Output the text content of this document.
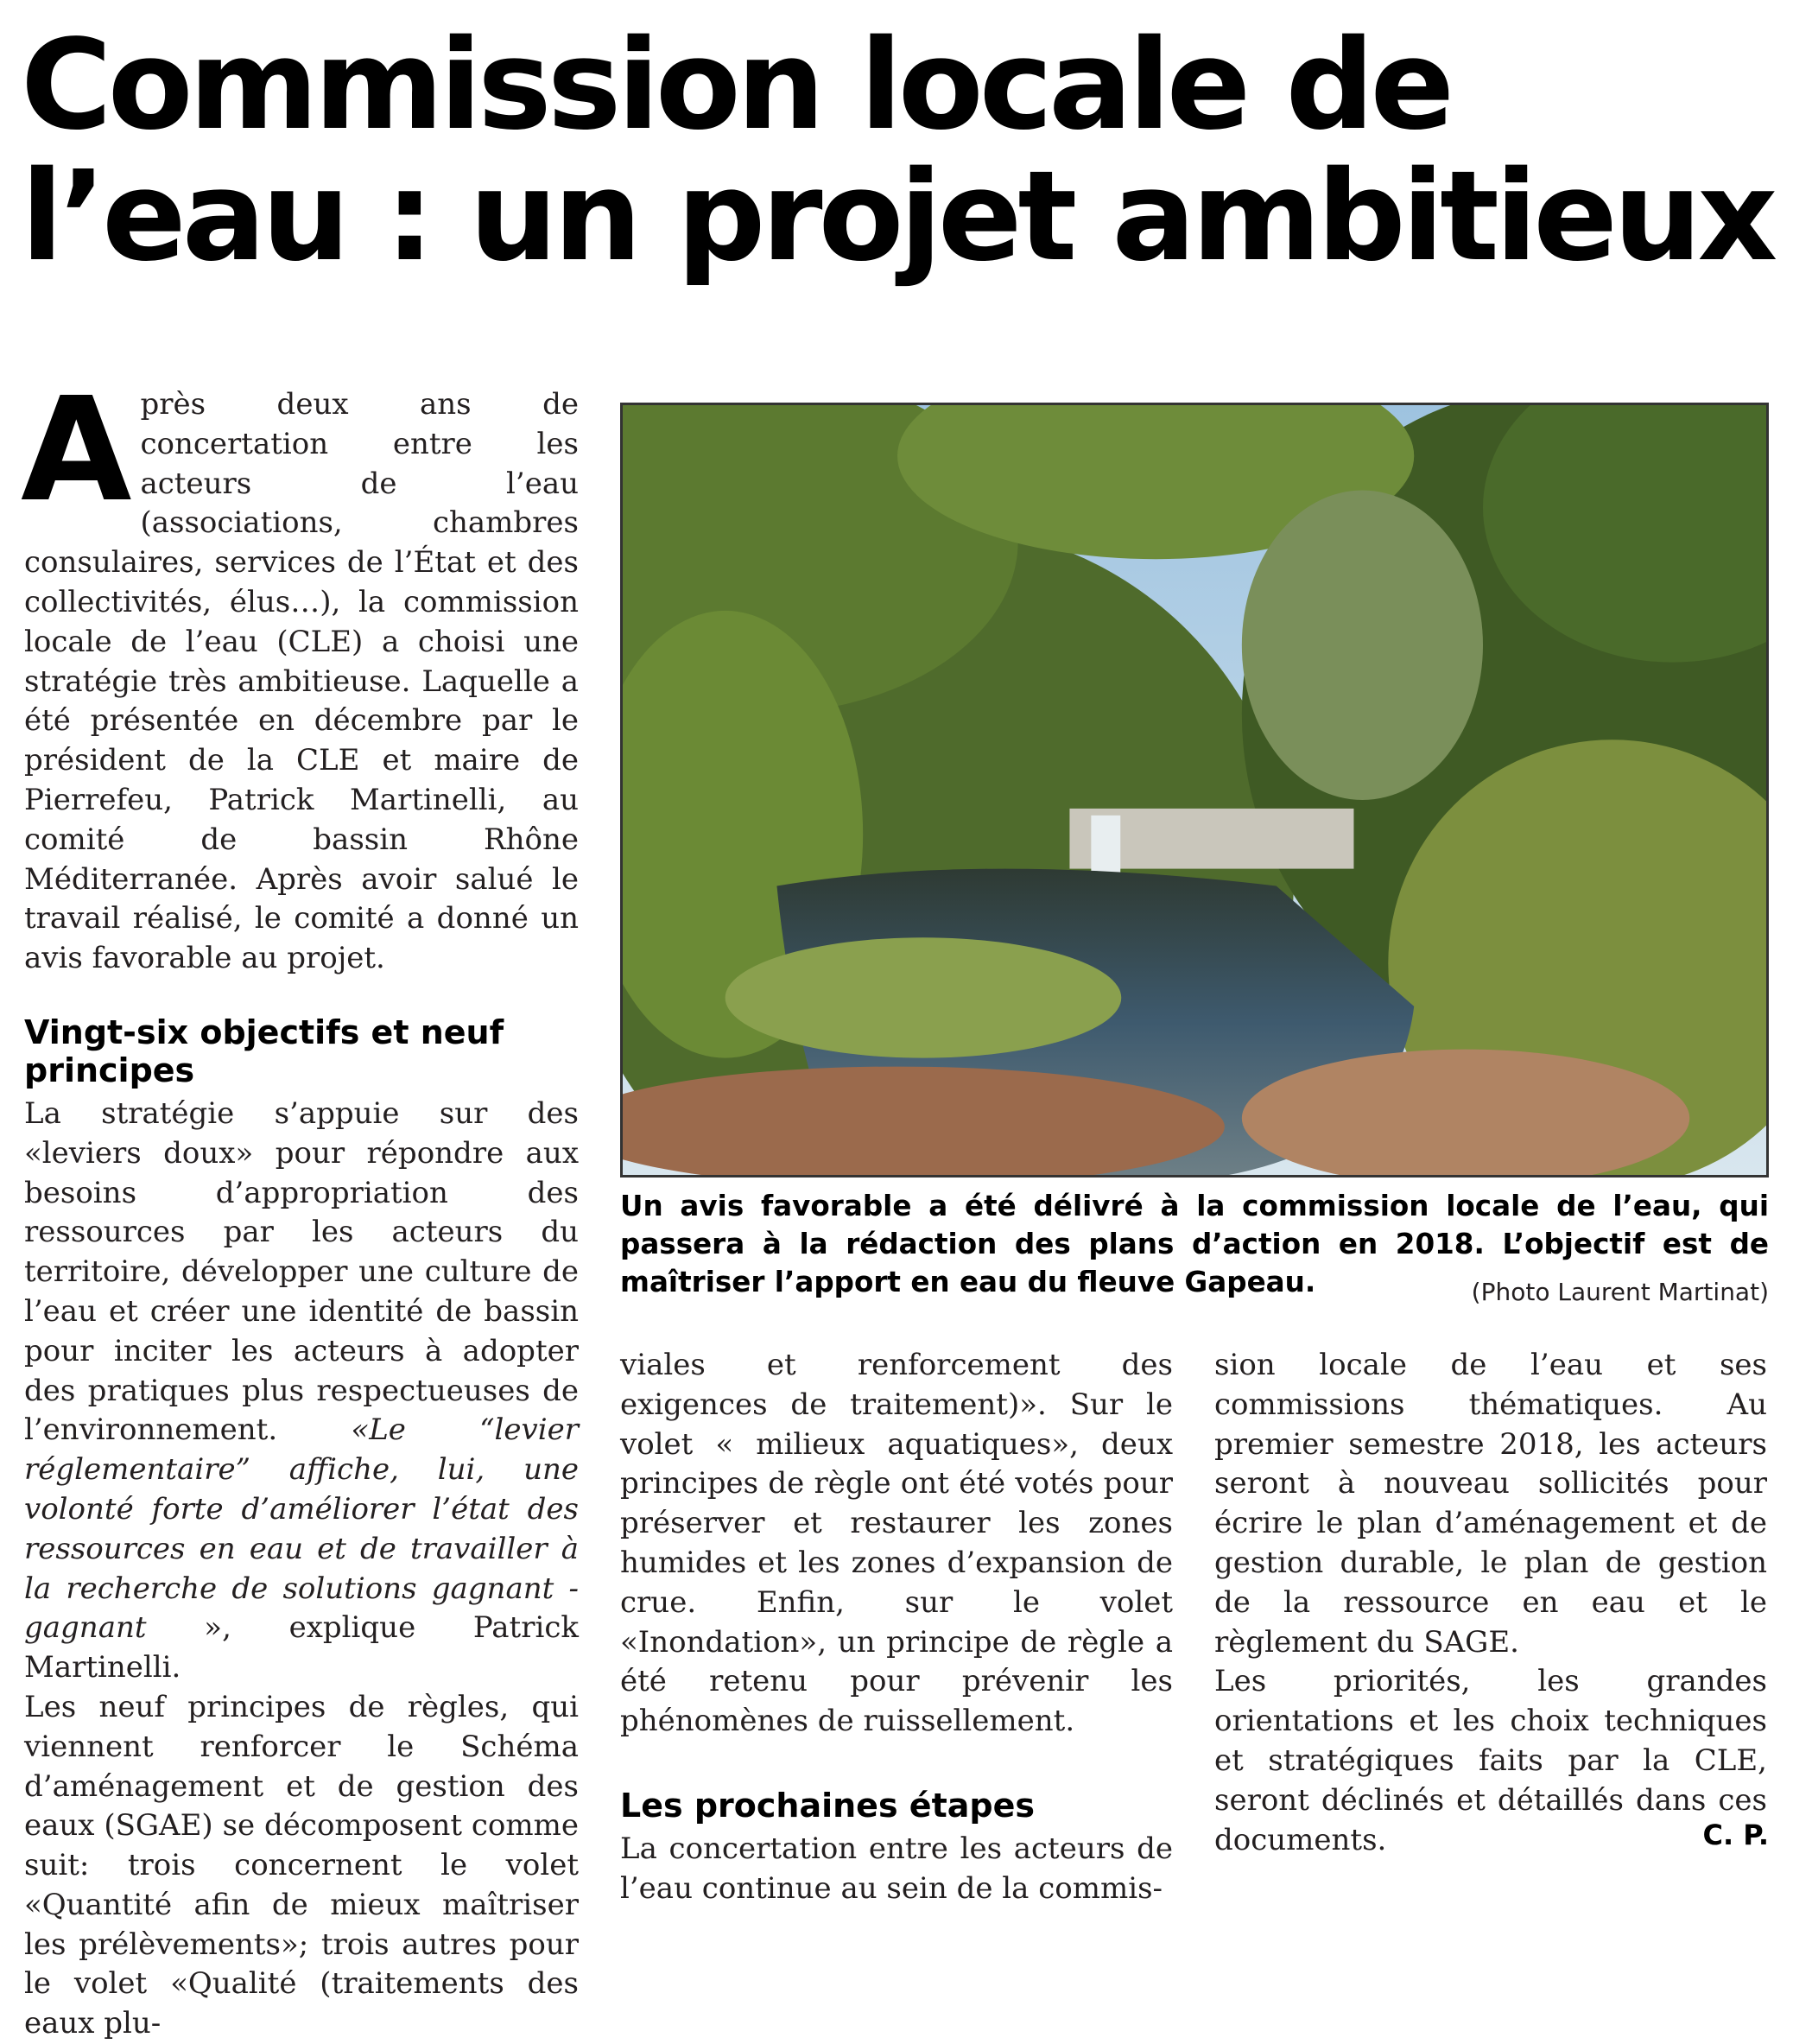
Commission locale de l’eau : un projet ambitieux

Après deux ans de concertation entre les acteurs de l’eau (associations, chambres consulaires, services de l’État et des collectivités, élus…), la commission locale de l’eau (CLE) a choisi une stratégie très ambitieuse. Laquelle a été présentée en décembre par le président de la CLE et maire de Pierrefeu, Patrick Martinelli, au comité de bassin Rhône Méditerranée. Après avoir salué le travail réalisé, le comité a donné un avis favorable au projet.

Vingt-six objectifs et neuf principes

La stratégie s’appuie sur des «leviers doux» pour répondre aux besoins d’appropriation des ressources par les acteurs du territoire, développer une culture de l’eau et créer une identité de bassin pour inciter les acteurs à adopter des pratiques plus respectueuses de l’environnement. «Le “levier réglementaire” affiche, lui, une volonté forte d’améliorer l’état des ressources en eau et de travailler à la recherche de solutions gagnant - gagnant », explique Patrick Martinelli.

Les neuf principes de règles, qui viennent renforcer le Schéma d’aménagement et de gestion des eaux (SGAE) se décomposent comme suit: trois concernent le volet «Quantité afin de mieux maîtriser les prélèvements»; trois autres pour le volet «Qualité (traitements des eaux plu-

Un avis favorable a été délivré à la commission locale de l’eau, qui passera à la rédaction des plans d’action en 2018. L’objectif est de maîtriser l’apport en eau du fleuve Gapeau.	(Photo Laurent Martinat)

viales et renforcement des exigences de traitement)». Sur le volet « milieux aquatiques», deux principes de règle ont été votés pour préserver et restaurer les zones humides et les zones d’expansion de crue. Enfin, sur le volet «Inondation», un principe de règle a été retenu pour prévenir les phénomènes de ruissellement.

Les prochaines étapes

La concertation entre les acteurs de l’eau continue au sein de la commis-

sion locale de l’eau et ses commissions thématiques. Au premier semestre 2018, les acteurs seront à nouveau sollicités pour écrire le plan d’aménagement et de gestion durable, le plan de gestion de la ressource en eau et le règlement du SAGE.

Les priorités, les grandes orientations et les choix techniques et stratégiques faits par la CLE, seront déclinés et détaillés dans ces documents.	C. P.
